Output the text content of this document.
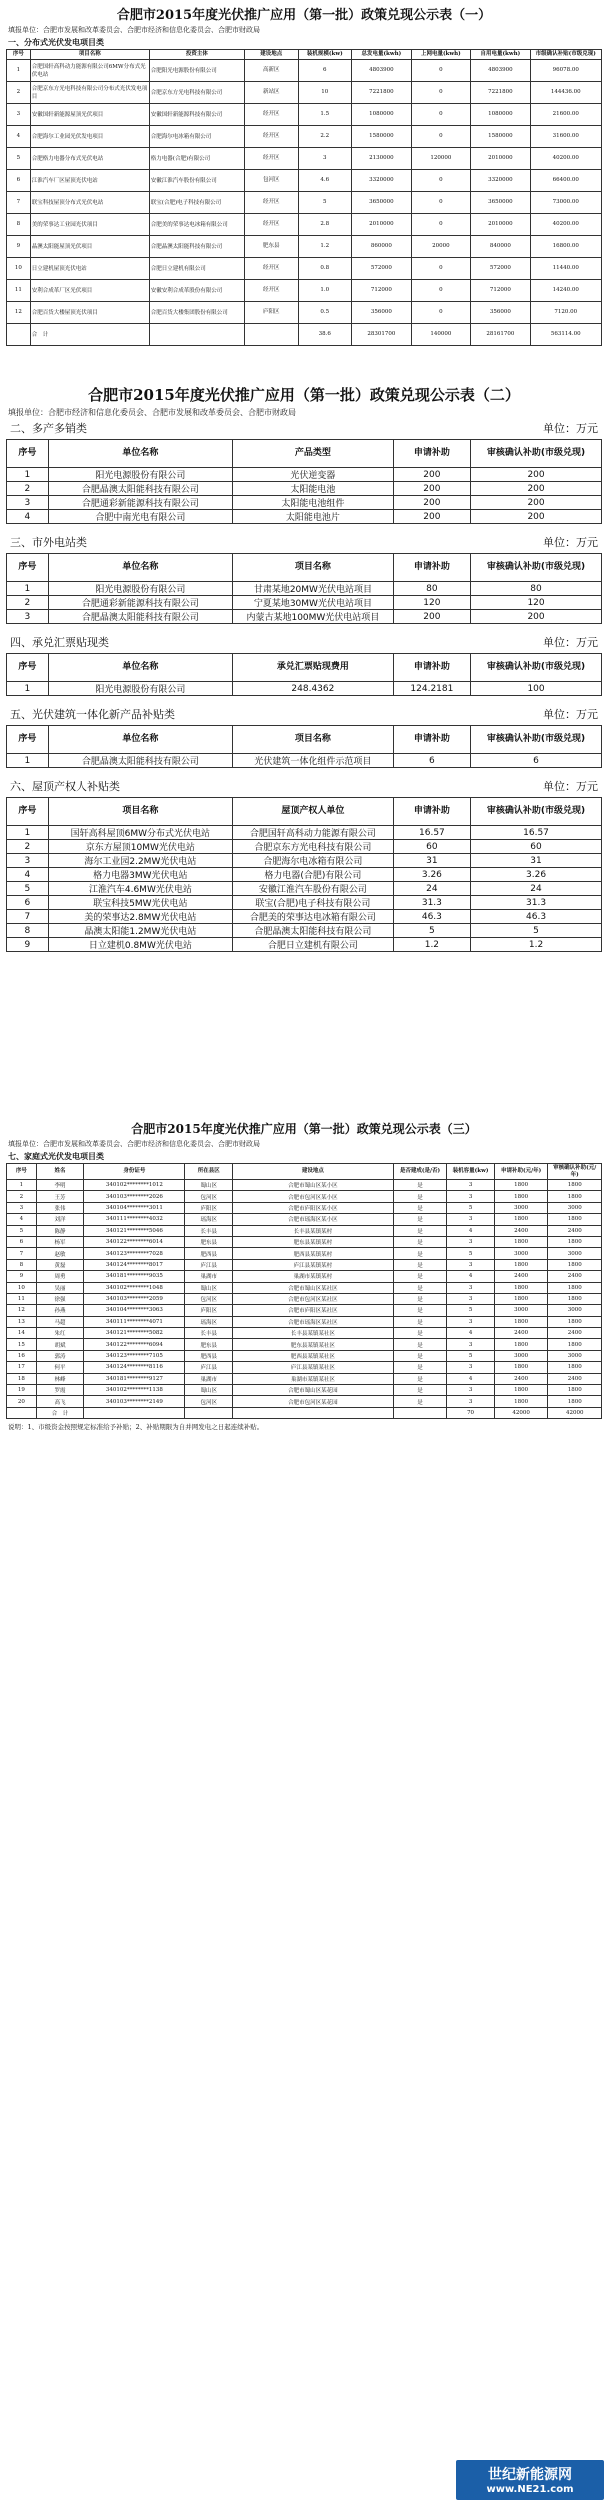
合肥市2015年度光伏推广应用（第一批）政策兑现公示表（一）
填报单位：合肥市发展和改革委员会、合肥市经济和信息化委员会、合肥市财政局
一、分布式光伏发电项目类
序号	项目名称	投资主体	建设地点	装机规模(kw)	总发电量(kwh)	上网电量(kwh)	自用电量(kwh)	市级确认补贴(市级兑现)
1	合肥国轩高科动力能源有限公司6MW分布式光伏电站	合肥阳光电源股份有限公司	高新区	6	4803900	0	4803900	96078.00
2	合肥京东方光电科技有限公司分布式光伏发电项目	合肥京东方光电科技有限公司	新站区	10	7221800	0	7221800	144436.00
3	安徽国轩新能源屋顶光伏项目	安徽国轩新能源科技有限公司	经开区	1.5	1080000	0	1080000	21600.00
4	合肥海尔工业园光伏发电项目	合肥海尔电冰箱有限公司	经开区	2.2	1580000	0	1580000	31600.00
5	合肥格力电器分布式光伏电站	格力电器(合肥)有限公司	经开区	3	2130000	120000	2010000	40200.00
6	江淮汽车厂区屋顶光伏电站	安徽江淮汽车股份有限公司	包河区	4.6	3320000	0	3320000	66400.00
7	联宝科技屋顶分布式光伏电站	联宝(合肥)电子科技有限公司	经开区	5	3650000	0	3650000	73000.00
8	美的荣事达工业园光伏项目	合肥美的荣事达电冰箱有限公司	经开区	2.8	2010000	0	2010000	40200.00
9	晶澳太阳能屋顶光伏项目	合肥晶澳太阳能科技有限公司	肥东县	1.2	860000	20000	840000	16800.00
10	日立建机屋顶光伏电站	合肥日立建机有限公司	经开区	0.8	572000	0	572000	11440.00
11	安利合成革厂区光伏项目	安徽安利合成革股份有限公司	经开区	1.0	712000	0	712000	14240.00
12	合肥百货大楼屋顶光伏项目	合肥百货大楼集团股份有限公司	庐阳区	0.5	356000	0	356000	7120.00
	合　计			38.6	28301700	140000	28161700	563114.00
合肥市2015年度光伏推广应用（第一批）政策兑现公示表（二）
填报单位：合肥市经济和信息化委员会、合肥市发展和改革委员会、合肥市财政局
二、多产多销类	单位：万元
序号	单位名称	产品类型	申请补助	审核确认补助(市级兑现)
1	阳光电源股份有限公司	光伏逆变器	200	200
2	合肥晶澳太阳能科技有限公司	太阳能电池	200	200
3	合肥通彩新能源科技有限公司	太阳能电池组件	200	200
4	合肥中南光电有限公司	太阳能电池片	200	200
三、市外电站类	单位：万元
序号	单位名称	项目名称	申请补助	审核确认补助(市级兑现)
1	阳光电源股份有限公司	甘肃某地20MW光伏电站项目	80	80
2	合肥通彩新能源科技有限公司	宁夏某地30MW光伏电站项目	120	120
3	合肥晶澳太阳能科技有限公司	内蒙古某地100MW光伏电站项目	200	200
四、承兑汇票贴现类	单位：万元
序号	单位名称	承兑汇票贴现费用	申请补助	审核确认补助(市级兑现)
1	阳光电源股份有限公司	248.4362	124.2181	100
五、光伏建筑一体化新产品补贴类	单位：万元
序号	单位名称	项目名称	申请补助	审核确认补助(市级兑现)
1	合肥晶澳太阳能科技有限公司	光伏建筑一体化组件示范项目	6	6
六、屋顶产权人补贴类	单位：万元
序号	项目名称	屋顶产权人单位	申请补助	审核确认补助(市级兑现)
1	国轩高科屋顶6MW分布式光伏电站	合肥国轩高科动力能源有限公司	16.57	16.57
2	京东方屋顶10MW光伏电站	合肥京东方光电科技有限公司	60	60
3	海尔工业园2.2MW光伏电站	合肥海尔电冰箱有限公司	31	31
4	格力电器3MW光伏电站	格力电器(合肥)有限公司	3.26	3.26
5	江淮汽车4.6MW光伏电站	安徽江淮汽车股份有限公司	24	24
6	联宝科技5MW光伏电站	联宝(合肥)电子科技有限公司	31.3	31.3
7	美的荣事达2.8MW光伏电站	合肥美的荣事达电冰箱有限公司	46.3	46.3
8	晶澳太阳能1.2MW光伏电站	合肥晶澳太阳能科技有限公司	5	5
9	日立建机0.8MW光伏电站	合肥日立建机有限公司	1.2	1.2
合肥市2015年度光伏推广应用（第一批）政策兑现公示表（三）
填报单位：合肥市发展和改革委员会、合肥市经济和信息化委员会、合肥市财政局
七、家庭式光伏发电项目类
序号	姓名	身份证号	所在县区	建设地点	是否建成(是/否)	装机容量(kw)	申请补助(元/年)	审核确认补助(元/年)
1	李明	340102********1012	蜀山区	合肥市蜀山区某小区	是	3	1800	1800
2	王芳	340103********2026	包河区	合肥市包河区某小区	是	3	1800	1800
3	张伟	340104********3011	庐阳区	合肥市庐阳区某小区	是	5	3000	3000
4	刘洋	340111********4032	瑶海区	合肥市瑶海区某小区	是	3	1800	1800
5	陈静	340121********5046	长丰县	长丰县某镇某村	是	4	2400	2400
6	杨军	340122********6014	肥东县	肥东县某镇某村	是	3	1800	1800
7	赵敏	340123********7028	肥西县	肥西县某镇某村	是	5	3000	3000
8	黄磊	340124********8017	庐江县	庐江县某镇某村	是	3	1800	1800
9	周勇	340181********9035	巢湖市	巢湖市某镇某村	是	4	2400	2400
10	吴丽	340102********1048	蜀山区	合肥市蜀山区某社区	是	3	1800	1800
11	徐强	340103********2059	包河区	合肥市包河区某社区	是	3	1800	1800
12	孙燕	340104********3063	庐阳区	合肥市庐阳区某社区	是	5	3000	3000
13	马超	340111********4071	瑶海区	合肥市瑶海区某社区	是	3	1800	1800
14	朱红	340121********5082	长丰县	长丰县某镇某社区	是	4	2400	2400
15	胡斌	340122********6094	肥东县	肥东县某镇某社区	是	3	1800	1800
16	郭涛	340123********7105	肥西县	肥西县某镇某社区	是	5	3000	3000
17	何平	340124********8116	庐江县	庐江县某镇某社区	是	3	1800	1800
18	林峰	340181********9127	巢湖市	巢湖市某镇某社区	是	4	2400	2400
19	罗霞	340102********1138	蜀山区	合肥市蜀山区某花园	是	3	1800	1800
20	高飞	340103********2149	包河区	合肥市包河区某花园	是	3	1800	1800
	合　计					70	42000	42000
说明：1、市级资金按照规定标准给予补贴；2、补贴期限为自并网发电之日起连续补贴。
世纪新能源网
www.NE21.com
